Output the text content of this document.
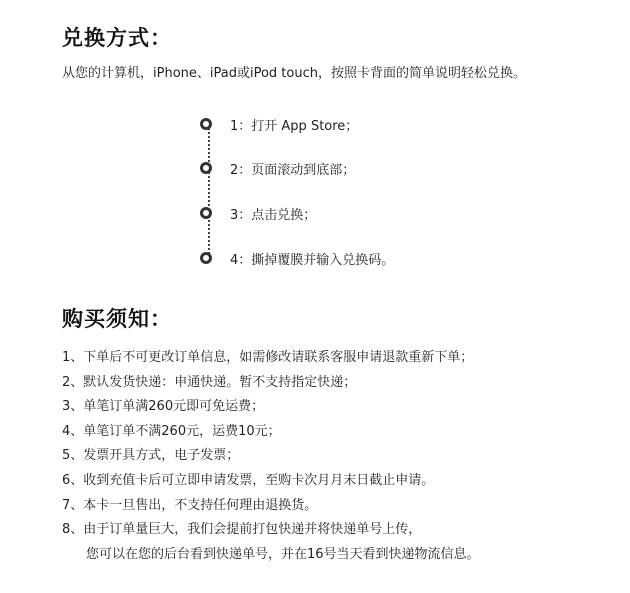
兑换方式：
从您的计算机，iPhone、iPad或iPod touch，按照卡背面的简单说明轻松兑换。
1： 打开 App Store；
2： 页面滚动到底部；
3： 点击兑换；
4： 撕掉覆膜并输入兑换码。
购买须知：
1、下单后不可更改订单信息，如需修改请联系客服申请退款重新下单；
2、默认发货快递：申通快递。暂不支持指定快递；
3、单笔订单满260元即可免运费；
4、单笔订单不满260元，运费10元；
5、发票开具方式，电子发票；
6、收到充值卡后可立即申请发票，至购卡次月月末日截止申请。
7、本卡一旦售出，不支持任何理由退换货。
8、由于订单量巨大，我们会提前打包快递并将快递单号上传，
您可以在您的后台看到快递单号，并在16号当天看到快递物流信息。
